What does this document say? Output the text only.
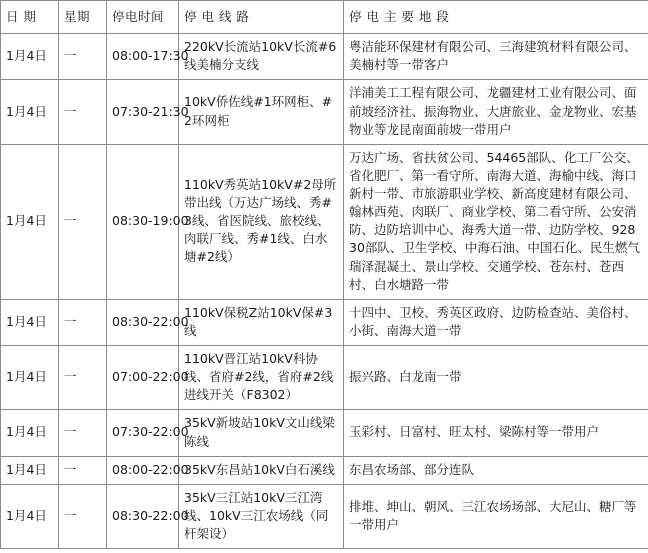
日 期	星期	停电时间	停 电 线 路	停 电 主 要 地 段
1月4日	一	08:00-17:30	220kV长流站10kV长流#6线美楠分支线	粤洁能环保建材有限公司、三海建筑材料有限公司、美楠村等一带客户
1月4日	一	07:30-21:30	10kV侨佐线#1环网柜、#2环网柜	洋浦美工工程有限公司、龙疆建材工业有限公司、面前坡经济社、振海物业、大唐旅业、金龙物业、宏基物业等龙昆南面前坡一带用户
1月4日	一	08:30-19:00	110kV秀英站10kV#2母所带出线（万达广场线、秀#3线、省医院线、旅校线、肉联厂线、秀#1线、白水塘#2线）	万达广场、省扶贫公司、54465部队、化工厂公交、省化肥厂、第一看守所、南海大道、海榆中线、海口新村一带、市旅游职业学校、新高度建材有限公司、翰林西苑、肉联厂、商业学校、第二看守所、公安消防、边防培训中心、海秀大道一带、边防学校、92830部队、卫生学校、中海石油、中国石化、民生燃气瑞泽混凝土、景山学校、交通学校、苍东村、苍西村、白水塘路一带
1月4日	一	08:30-22:00	110kV保税Z站10kV保#3线	十四中、卫校、秀英区政府、边防检查站、美俗村、小街、南海大道一带
1月4日	一	07:00-22:00	110kV晋江站10kV科协线、省府#2线，省府#2线进线开关（F8302）	振兴路、白龙南一带
1月4日	一	07:30-22:00	35kV新坡站10kV文山线梁陈线	玉彩村、日富村、旺太村、梁陈村等一带用户
1月4日	一	08:00-22:00	35kV东昌站10kV白石溪线	东昌农场部、部分连队
1月4日	一	08:30-22:00	35kV三江站10kV三江湾线、10kV三江农场线（同杆架设）	排堆、坤山、朝风、三江农场场部、大尼山、糖厂等一带用户
